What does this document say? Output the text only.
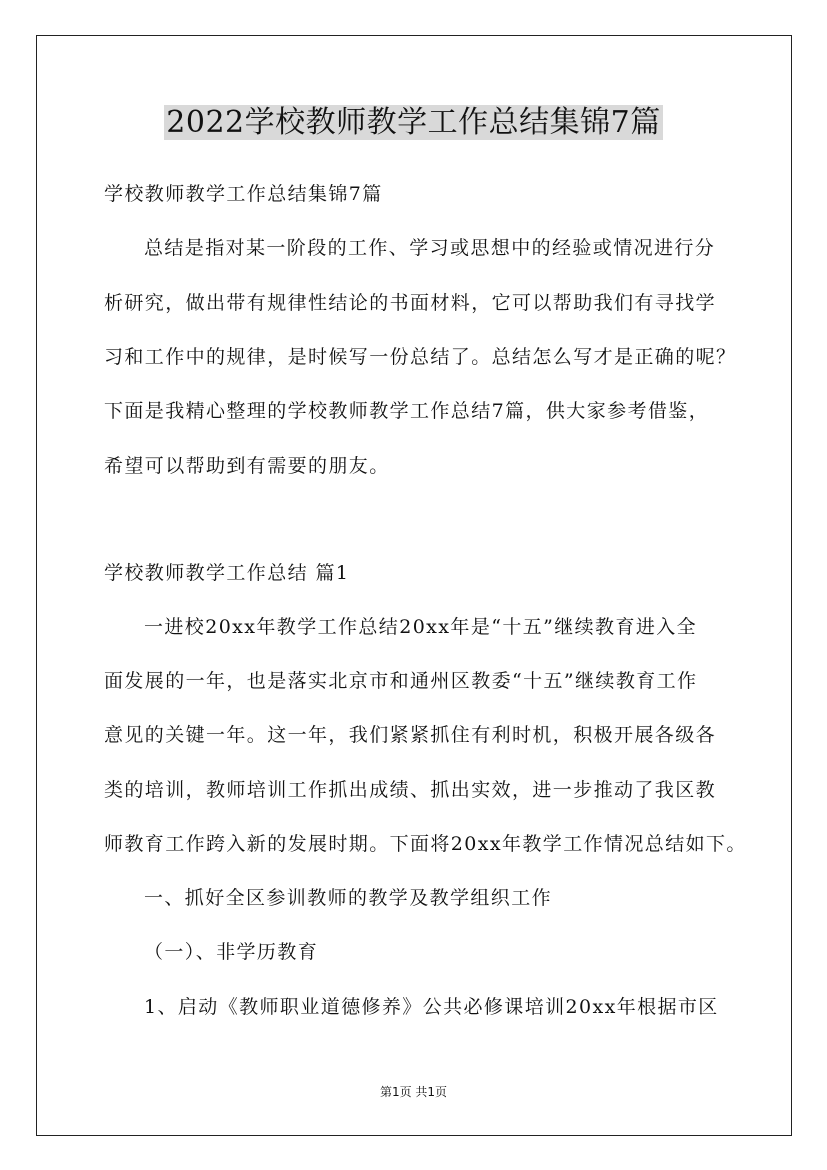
2022学校教师教学工作总结集锦7篇
学校教师教学工作总结集锦7篇
总结是指对某一阶段的工作、学习或思想中的经验或情况进行分
析研究，做出带有规律性结论的书面材料，它可以帮助我们有寻找学
习和工作中的规律，是时候写一份总结了。总结怎么写才是正确的呢？
下面是我精心整理的学校教师教学工作总结7篇，供大家参考借鉴，
希望可以帮助到有需要的朋友。
学校教师教学工作总结 篇1
一进校20xx年教学工作总结20xx年是“十五”继续教育进入全
面发展的一年，也是落实北京市和通州区教委“十五”继续教育工作
意见的关键一年。这一年，我们紧紧抓住有利时机，积极开展各级各
类的培训，教师培训工作抓出成绩、抓出实效，进一步推动了我区教
师教育工作跨入新的发展时期。下面将20xx年教学工作情况总结如下。
一、抓好全区参训教师的教学及教学组织工作
（一）、非学历教育
1、启动《教师职业道德修养》公共必修课培训20xx年根据市区
第1页 共1页
